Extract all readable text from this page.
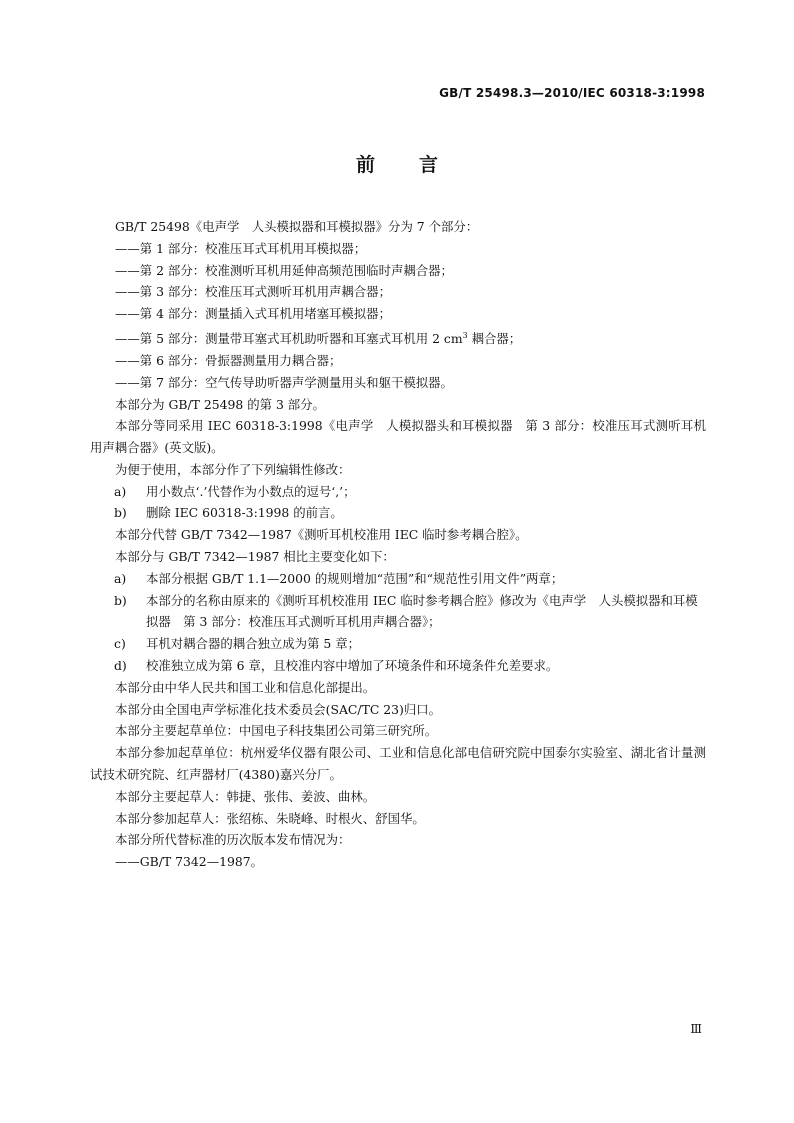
GB/T 25498.3—2010/IEC 60318-3:1998
前言

GB/T 25498《电声学　人头模拟器和耳模拟器》分为 7 个部分：

——第 1 部分：校准压耳式耳机用耳模拟器；

——第 2 部分：校准测听耳机用延伸高频范围临时声耦合器；

——第 3 部分：校准压耳式测听耳机用声耦合器；

——第 4 部分：测量插入式耳机用堵塞耳模拟器；

——第 5 部分：测量带耳塞式耳机助听器和耳塞式耳机用 2 $cm^3$ 耦合器；

——第 6 部分：骨振器测量用力耦合器；

——第 7 部分：空气传导助听器声学测量用头和躯干模拟器。

本部分为 GB/T 25498 的第 3 部分。

本部分等同采用 IEC 60318-3:1998《电声学　人模拟器头和耳模拟器　第 3 部分：校准压耳式测听耳机用声耦合器》(英文版)。

为便于使用，本部分作了下列编辑性修改：

a) 用小数点‘.’代替作为小数点的逗号‘,’；

b) 删除 IEC 60318-3:1998 的前言。

本部分代替 GB/T 7342—1987《测听耳机校准用 IEC 临时参考耦合腔》。

本部分与 GB/T 7342—1987 相比主要变化如下：

a) 本部分根据 GB/T 1.1—2000 的规则增加“范围”和“规范性引用文件”两章；

b) 本部分的名称由原来的《测听耳机校准用 IEC 临时参考耦合腔》修改为《电声学　人头模拟器和耳模拟器　第 3 部分：校准压耳式测听耳机用声耦合器》；

c) 耳机对耦合器的耦合独立成为第 5 章；

d) 校准独立成为第 6 章，且校准内容中增加了环境条件和环境条件允差要求。

本部分由中华人民共和国工业和信息化部提出。

本部分由全国电声学标准化技术委员会(SAC/TC 23)归口。

本部分主要起草单位：中国电子科技集团公司第三研究所。

本部分参加起草单位：杭州爱华仪器有限公司、工业和信息化部电信研究院中国泰尔实验室、湖北省计量测试技术研究院、红声器材厂(4380)嘉兴分厂。

本部分主要起草人：韩捷、张伟、姜波、曲林。

本部分参加起草人：张绍栋、朱晓峰、时根火、舒国华。

本部分所代替标准的历次版本发布情况为：

——GB/T 7342—1987。

Ⅲ
